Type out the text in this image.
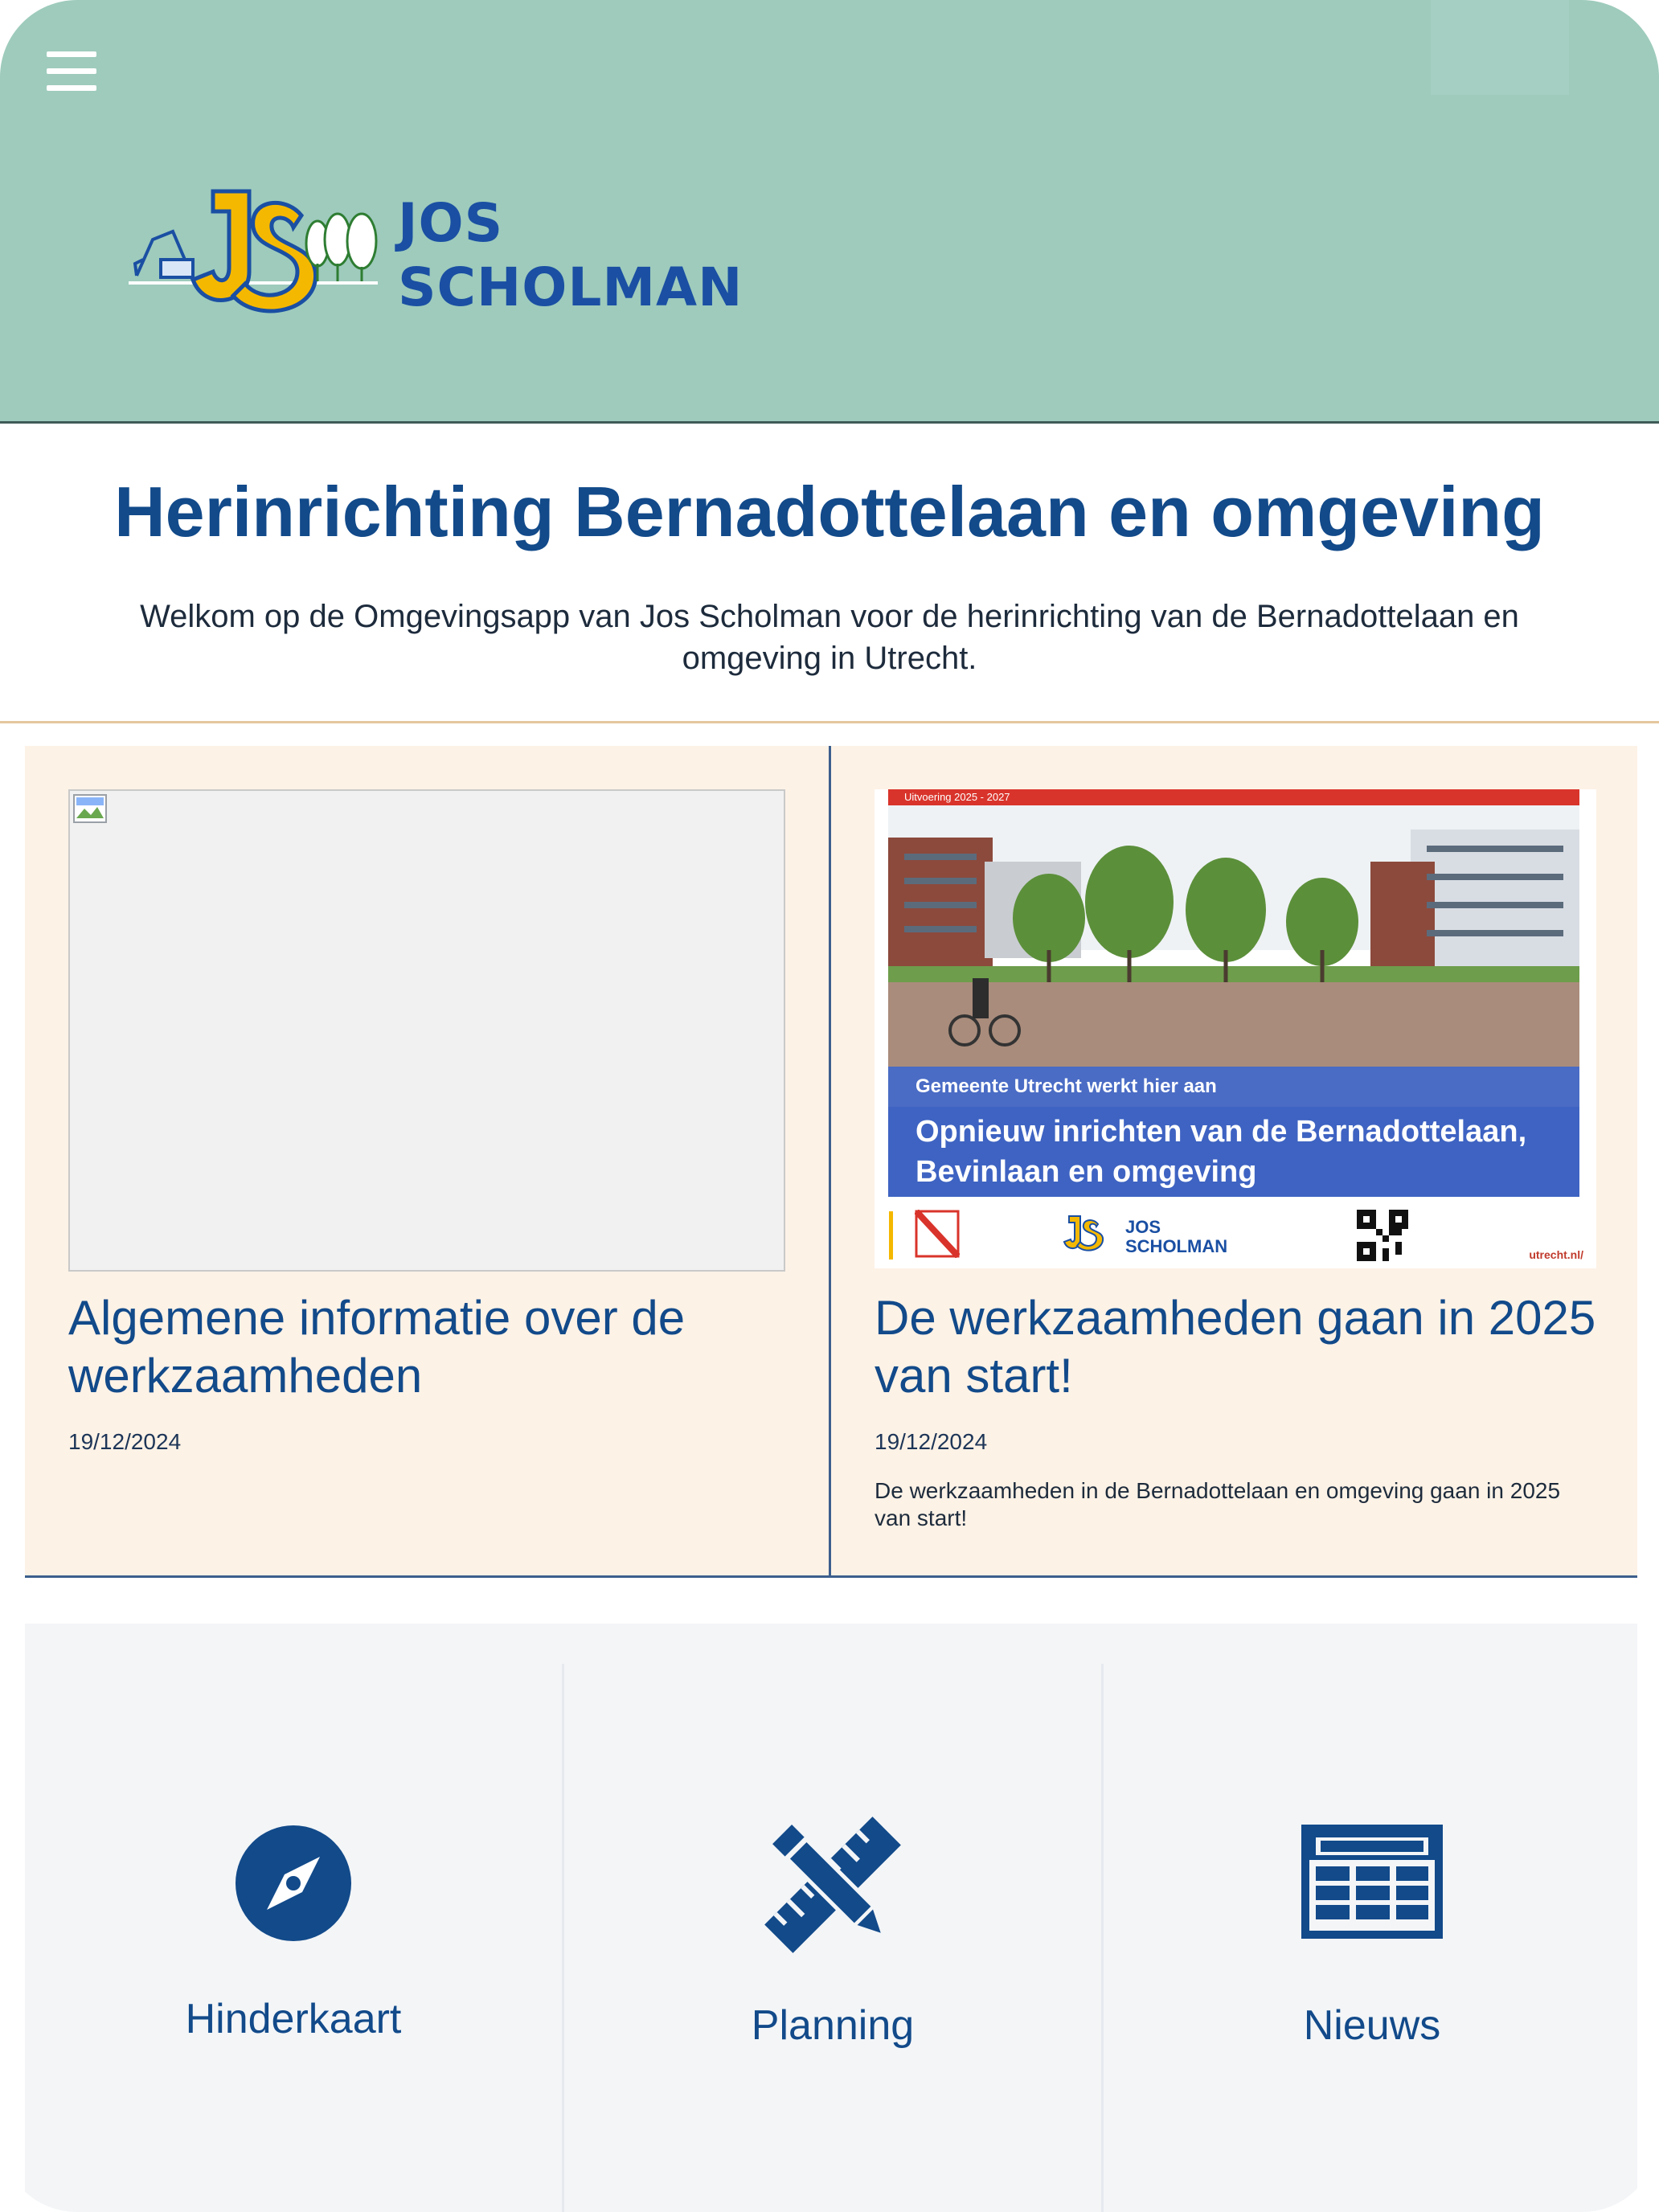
JOS
SCHOLMAN
Herinrichting Bernadottelaan en omgeving

Welkom op de Omgevingsapp van Jos Scholman voor de herinrichting van de Bernadottelaan en omgeving in Utrecht.

Algemene informatie over de werkzaamheden
19/12/2024
Uitvoering 2025 - 2027
Gemeente Utrecht werkt hier aan
Opnieuw inrichten van de Bernadottelaan,
Bevinlaan en omgeving
JOS
SCHOLMAN	utrecht.nl/
De werkzaamheden gaan in 2025 van start!
19/12/2024
De werkzaamheden in de Bernadottelaan en omgeving gaan in 2025 van start!
Hinderkaart	Planning	Nieuws
